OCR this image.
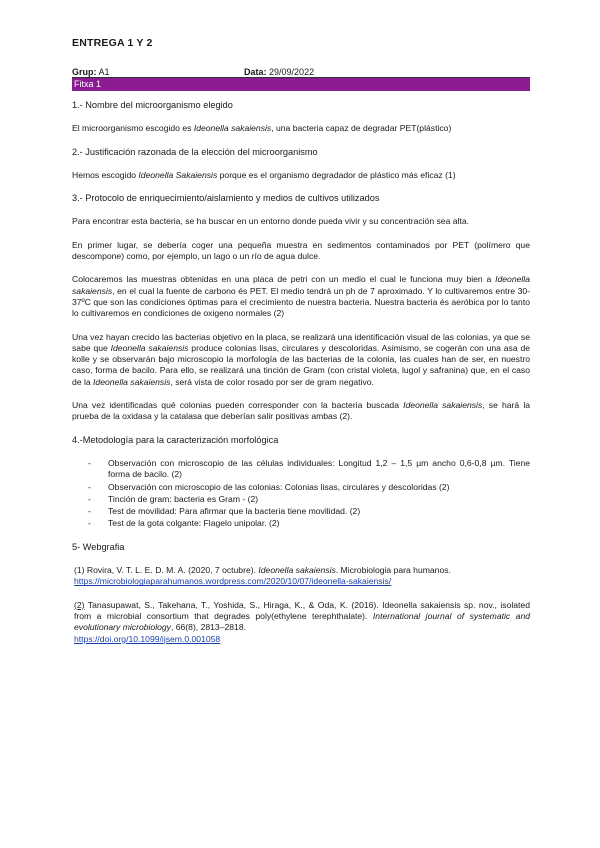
ENTREGA 1 Y 2
Grup: A1	Data: 29/09/2022
Fitxa 1

1.- Nombre del microorganismo elegido

El microorganismo escogido es Ideonella sakaiensis, una bacteria capaz de degradar PET(plástico)

2.- Justificación razonada de la elección del microorganismo

Hemos escogido Ideonella Sakaiensis porque es el organismo degradador de plástico más eficaz (1)

3.- Protocolo de enriquecimiento/aislamiento y medios de cultivos utilizados

Para encontrar esta bacteria, se ha buscar en un entorno donde pueda vivir y su concentración sea alta.

En primer lugar, se debería coger una pequeña muestra en sedimentos contaminados por PET (polímero que descompone) como, por ejemplo, un lago o un río de agua dulce.

Colocaremos las muestras obtenidas en una placa de petri con un medio el cual le funciona muy bien a Ideonella sakaiensis, en el cual la fuente de carbono és PET. El medio tendrá un ph de 7 aproximado. Y lo cultivaremos entre 30-37ºC que son las condiciones óptimas para el crecimiento de nuestra bacteria. Nuestra bacteria és aeróbica por lo tanto lo cultivaremos en condiciones de oxigeno normales (2)

Una vez hayan crecido las bacterias objetivo en la placa, se realizará una identificación visual de las colonias, ya que se sabe que Ideonella sakaiensis produce colonias lisas, circulares y descoloridas. Asimismo, se cogerán con una asa de kolle y se observarán bajo microscopio la morfología de las bacterias de la colonia, las cuales han de ser, en nuestro caso, forma de bacilo. Para ello, se realizará una tinción de Gram (con cristal violeta, lugol y safranina) que, en el caso de la Ideonella sakaiensis, será vista de color rosado por ser de gram negativo.

Una vez identificadas qué colonias pueden corresponder con la bacteria buscada Ideonella sakaiensis, se hará la prueba de la oxidasa y la catalasa que deberían salir positivas ambas (2).

4.-Metodología para la caracterización morfológica

- Observación con microscopio de las células individuales: Longitud 1,2 – 1,5 µm ancho 0,6-0,8 µm. Tiene forma de bacilo. (2)
- Observación con microscopio de las colonias: Colonias lisas, circulares y descoloridas (2)
- Tinción de gram: bacteria es Gram - (2)
- Test de movilidad: Para afirmar que la bacteria tiene movilidad. (2)
- Test de la gota colgante: Flagelo unipolar. (2)

5- Webgrafia

(1) Rovira, V. T. L. E. D. M. A. (2020, 7 octubre). Ideonella sakaiensis. Microbiologia para humanos.
https://microbiologiaparahumanos.wordpress.com/2020/10/07/ideonella-sakaiensis/

(2) Tanasupawat, S., Takehana, T., Yoshida, S., Hiraga, K., & Oda, K. (2016). Ideonella sakaiensis sp. nov., isolated from a microbial consortium that degrades poly(ethylene terephthalate). International journal of systematic and evolutionary microbiology, 66(8), 2813–2818.
https://doi.org/10.1099/ijsem.0.001058
